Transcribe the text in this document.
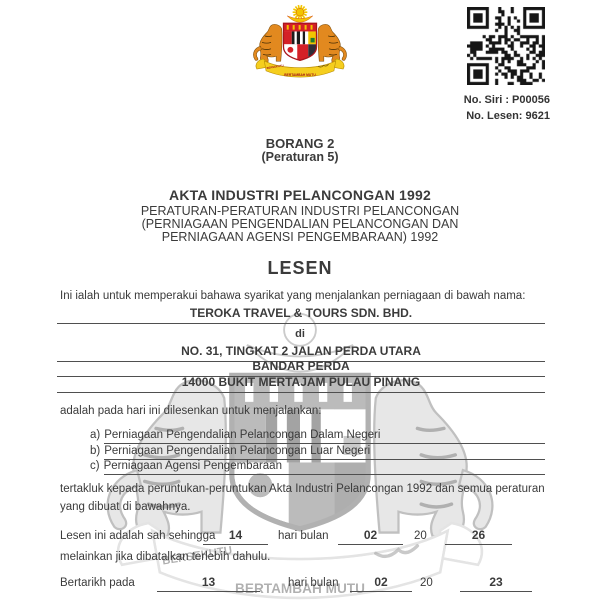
No. Siri : P00056
No. Lesen: 9621
BORANG 2
(Peraturan 5)
AKTA INDUSTRI PELANCONGAN 1992
PERATURAN-PERATURAN INDUSTRI PELANCONGAN
(PERNIAGAAN PENGENDALIAN PELANCONGAN DAN
PERNIAGAAN AGENSI PENGEMBARAAN) 1992
LESEN
Ini ialah untuk memperakui bahawa syarikat yang menjalankan perniagaan di bawah nama:
TEROKA TRAVEL & TOURS SDN. BHD.
di
NO. 31, TINGKAT 2 JALAN PERDA UTARA
BANDAR PERDA
14000 BUKIT MERTAJAM PULAU PINANG
adalah pada hari ini dilesenkan untuk menjalankan:
a) Perniagaan Pengendalian Pelancongan Dalam Negeri
b) Perniagaan Pengendalian Pelancongan Luar Negeri
c) Perniagaan Agensi Pengembaraan
tertakluk kepada peruntukan-peruntukan Akta Industri Pelancongan 1992 dan semua peraturan
yang dibuat di bawahnya.
Lesen ini adalah sah sehingga	14	hari bulan	02	20	26
melainkan jika dibatalkan terlebih dahulu.
Bertarikh pada	13	hari bulan	02	20	23
